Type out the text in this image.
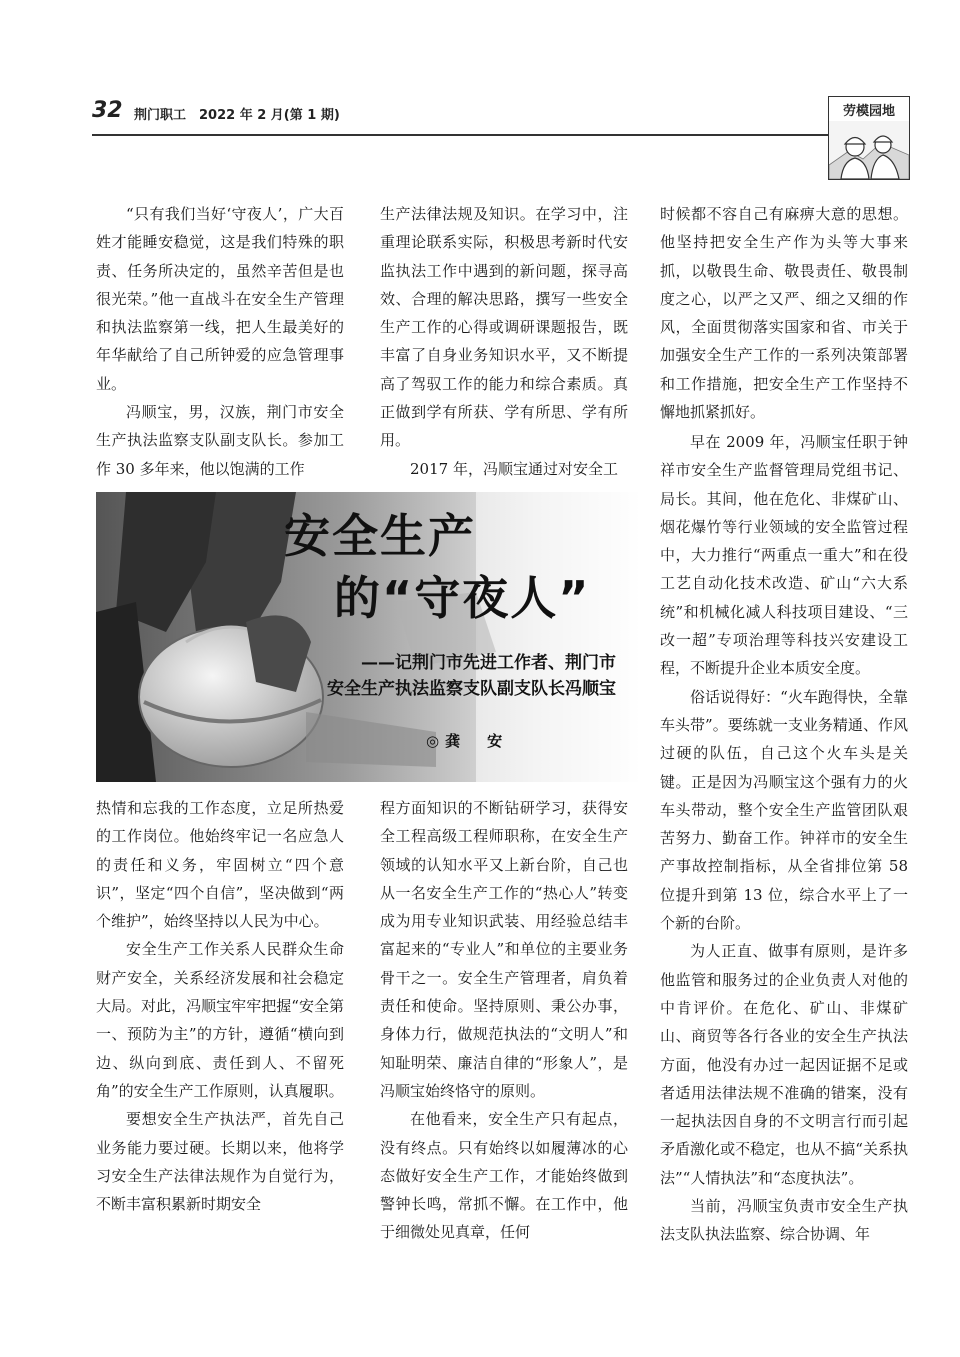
32 荆门职工　2022 年 2 月(第 1 期)	劳模园地

“只有我们当好‘守夜人’，广大百姓才能睡安稳觉，这是我们特殊的职责、任务所决定的，虽然辛苦但是也很光荣。”他一直战斗在安全生产管理和执法监察第一线，把人生最美好的年华献给了自己所钟爱的应急管理事业。

冯顺宝，男，汉族，荆门市安全生产执法监察支队副支队长。参加工作 30 多年来，他以饱满的工作

生产法律法规及知识。在学习中，注重理论联系实际，积极思考新时代安监执法工作中遇到的新问题，探寻高效、合理的解决思路，撰写一些安全生产工作的心得或调研课题报告，既丰富了自身业务知识水平，又不断提高了驾驭工作的能力和综合素质。真正做到学有所获、学有所思、学有所用。

2017 年，冯顺宝通过对安全工

时候都不容自己有麻痹大意的思想。他坚持把安全生产作为头等大事来抓，以敬畏生命、敬畏责任、敬畏制度之心，以严之又严、细之又细的作风，全面贯彻落实国家和省、市关于加强安全生产工作的一系列决策部署和工作措施，把安全生产工作坚持不懈地抓紧抓好。

安全生产
的“守夜人”
——记荆门市先进工作者、荆门市
安全生产执法监察支队副支队长冯顺宝
◎龚　安

热情和忘我的工作态度，立足所热爱的工作岗位。他始终牢记一名应急人的责任和义务，牢固树立“四个意识”，坚定“四个自信”，坚决做到“两个维护”，始终坚持以人民为中心。

安全生产工作关系人民群众生命财产安全，关系经济发展和社会稳定大局。对此，冯顺宝牢牢把握“安全第一、预防为主”的方针，遵循“横向到边、纵向到底、责任到人、不留死角”的安全生产工作原则，认真履职。

要想安全生产执法严，首先自己业务能力要过硬。长期以来，他将学习安全生产法律法规作为自觉行为，不断丰富积累新时期安全

程方面知识的不断钻研学习，获得安全工程高级工程师职称，在安全生产领域的认知水平又上新台阶，自己也从一名安全生产工作的“热心人”转变成为用专业知识武装、用经验总结丰富起来的“专业人”和单位的主要业务骨干之一。安全生产管理者，肩负着责任和使命。坚持原则、秉公办事，身体力行，做规范执法的“文明人”和知耻明荣、廉洁自律的“形象人”，是冯顺宝始终恪守的原则。

在他看来，安全生产只有起点，没有终点。只有始终以如履薄冰的心态做好安全生产工作，才能始终做到警钟长鸣，常抓不懈。在工作中，他于细微处见真章，任何

早在 2009 年，冯顺宝任职于钟祥市安全生产监督管理局党组书记、局长。其间，他在危化、非煤矿山、烟花爆竹等行业领域的安全监管过程中，大力推行“两重点一重大”和在役工艺自动化技术改造、矿山“六大系统”和机械化减人科技项目建设、“三改一超”专项治理等科技兴安建设工程，不断提升企业本质安全度。

俗话说得好：“火车跑得快，全靠车头带”。要练就一支业务精通、作风过硬的队伍，自己这个火车头是关键。正是因为冯顺宝这个强有力的火车头带动，整个安全生产监管团队艰苦努力、勤奋工作。钟祥市的安全生产事故控制指标，从全省排位第 58 位提升到第 13 位，综合水平上了一个新的台阶。

为人正直、做事有原则，是许多他监管和服务过的企业负责人对他的中肯评价。在危化、矿山、非煤矿山、商贸等各行各业的安全生产执法方面，他没有办过一起因证据不足或者适用法律法规不准确的错案，没有一起执法因自身的不文明言行而引起矛盾激化或不稳定，也从不搞“关系执法”“人情执法”和“态度执法”。

当前，冯顺宝负责市安全生产执法支队执法监察、综合协调、年
